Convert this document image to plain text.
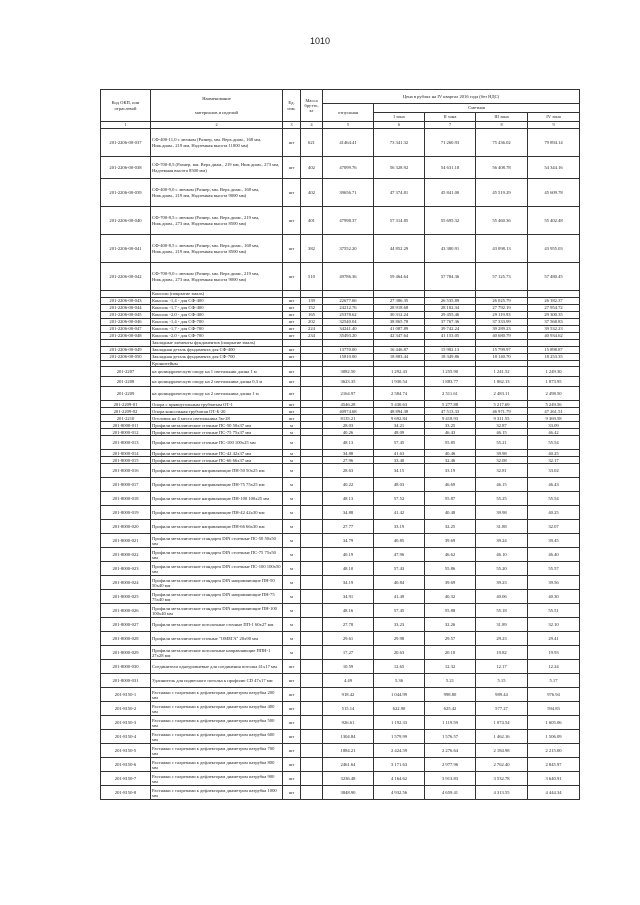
1010
Код ОКП, или отраслевой	Наименование
материалов и изделий	Ед. изм.	Масса брутто, кг	Цена в рублях на IV квартал 2016 года (без НДС)				
				отпускная	Сметная			
					I зона	II зона	III зона	IV зона
1	2	3	4	5	6	7	8	9
201-2206-00-037	СФ-400-11,0 с лючком (Разнер, мм. Верх.диам., 168 мм, Ниж.диам., 219 мм, Надземная высота 11000 мм)	шт	621	41464.41	73 341.32	71 260.93	75 436.02	79 894.14
201-2206-00-038	СФ-700-8,5 (Разнер, мм. Верх.диам., 219 мм, Ниж.диам., 273 мм, Надземная высота 8500 мм)	шт	402	47099.76	56 328.92	54 631.18	56 408.78	54 344.16
201-2206-00-039	СФ-400-9,0 с лючком (Разнер, мм. Верх.диам., 168 мм, Ниж.диам., 219 мм, Надземная высота 9000 мм)	шт	402	39656.71	47 374.81	45 841.00	45 519.29	45 609.78
201-2206-00-040	СФ-700-8,5 с лючком (Разнер, мм. Верх.диам., 219 мм, Ниж.диам., 273 мм, Надземная высота 8500 мм)	шт	401	47998.37	57 314.85	55 695.32	55 460.36	55 402.48
201-2206-00-041	СФ-400-8,5 с лючком (Разнер, мм. Верх.диам., 168 мм, Ниж.диам., 219 мм, Надземная высота 8500 мм)	шт	382	37552.20	44 852.29	43 380.91	43 098.13	43 955.03
201-2206-00-042	СФ-700-9,0 с лючком (Разнер, мм. Верх.диам., 219 мм, Ниж.диам., 273 мм, Надземная высота 9000 мм)	шт	510	49786.36	59 464.64	57 784.36	57 125.73	57 480.45
	Консоли (покрытие эмаль)							
201-2206-00-043	Консоль -1,4 - для СФ-400	шт	139	22677.66	27 386.35	26 535.89	26 025.79	26 182.37
201-2206-00-044	Консоль -1,7 - для СФ-400	шт	152	24212.76	28 918.68	28 102.34	27 792.19	27 954.72
201-2206-00-045	Консоль -2,0 - для СФ-400	шт	165	25378.62	30 312.24	29 455.46	29 119.93	29 300.35
201-2206-00-046	Консоль -1,4 - для СФ-700	шт	202	32540.04	38 865.78	37 767.36	37 333.99	37 568.83
201-2206-00-047	Консоль -1,7 - для СФ-700	шт	224	34241.40	41 087.89	39 742.24	39 289.23	39 532.23
201-2206-00-048	Консоль -2,0 - для СФ-700	шт	234	35493.20	42 347.64	41 153.05	40 680.79	40 934.62
	Закладные элементы фундаментов (покрытие эмаль)							
201-2206-00-049	Закладная деталь фундамента для СФ-400	шт		13770.00	16 446.87	15 982.13	15 799.97	15 898.87
201-2206-00-050	Закладная деталь фундамента для СФ-700	шт		15810.00	18 883.44	18 349.86	18 140.70	18 253.35
	Кронштейны							
201-2207	на цилиндрическую опору на 1 светильник длина 1 м	шт		3082.50	1 292.43	1 255.90	1 241.52	1 249.30
201-2208	на цилиндрическую опору на 2 светильника длина 0,3 м	шт		3623.35	1 930.54	1 883.77	1 862.13	1 873.95
201-2209	на цилиндрическую опору на 2 светильника длина 1 м	шт		2164.97	2 584.74	2 511.61	2 483.11	2 498.50
201-2209-01	Опора с прямоугольным трубчатым ОТ-1	шт		4546.28	5 430.63	5 277.88	5 217.69	5 249.56
201-2209-02	Опора консольная трубчатая ОТ-Б-20	шт		40974.68	48 894.38	47 513.33	46 971.79	47 261.51
201-2210	Оголовок на 4 места светильника 5м-28	шт		8135.21	9 692.84	9 418.93	9 311.55	9 369.58
201-8000-011	Профили металлические сточные ПС-50 50х37 мм	м		28.03	34.21	33.25	32.87	33.09
201-8000-012	Профили металлические сточные ПС-75 75х37 мм	м		40.26	48.09	46.43	46.15	46.42
201-8000-013	Профили металлические сточные ПС-100 100х25 мм	м		48.13	57.45	55.85	55.21	55.54
201-8000-014	Профили металлические сточные ПС-42 42х37 мм	м		34.88	41.63	40.46	39.98	40.25
201-8000-015	Профили металлические сточные ПС-66 66х37 мм	м		27.96	33.40	32.46	32.08	32.17
201-8000-016	Профили металлические направляющие ПН-50 50х25 мм	м		28.63	34.15	33.19	32.81	33.02
201-8000-017	Профили металлические направляющие ПН-75 75х25 мм	м		40.22	48.03	46.69	46.15	46.43
201-8000-018	Профили металлические направляющие ПН-100 100х25 мм	м		48.13	57.52	55.87	55.25	55.54
201-8000-019	Профили металлические направляющие ПН-42 42х30 мм	м		34.88	41.42	40.48	39.98	40.25
201-8000-020	Профили металлические направляющие ПН-66 66х30 мм	м		27.77	33.19	32.25	31.88	32.07
201-8000-021	Профили металлические стандарта DIN стоечные ПС-50 50х50 мм	м		34.79	40.85	39.69	39.24	39.45
201-8000-022	Профили металлические стандарта DIN стоечные ПС-75 75х50 мм	м		40.19	47.96	46.62	46.10	46.40
201-8000-023	Профили металлические стандарта DIN стоечные ПС-100 100х50 мм	м		48.10	57.43	55.86	55.20	55.57
201-8000-024	Профили металлические стандарта DIN направляющие ПН-50 50х40 мм	м		34.19	40.84	39.69	39.23	39.56
201-8000-025	Профили металлические стандарта DIN направляющие ПН-75 75х40 мм	м		34.91	41.49	40.32	40.06	40.30
201-8000-026	Профили металлические стандарта DIN направляющие ПН-100 100х40 мм	м		48.16	57.45	55.88	55.18	55.51
201-8000-027	Профили металлические потолочные сточные ПП-1 60х27 мм	м		27.78	33.23	32.26	31.89	32.10
201-8000-028	Профили металлические сточные "ОМЕГА" 20х90 мм	м		29.61	29.98	29.57	29.23	29.41
201-8000-029	Профили металлические потолочные направляющие ППН-1 27х28 мм	м		17.27	20.63	20.10	19.82	19.93
201-8000-030	Соединители одноуровневые для соединения потолка 41х17 мм	шт		10.59	12.65	12.32	12.17	12.24
201-8000-031	Удлинитель для подвесного потолка к профилю CD 47х17 мм	шт		4.49	5.36	5.21	5.15	5.17
201-8150-1	Растяжки с талрепами к дефлекторам диаметром патрубка 200 мм	шт		918.42	1 044.99	998.80	989.44	976.94
201-8150-2	Растяжки с талрепами к дефлекторам диаметром патрубка 400 мм	шт		515.14	622.90	625.42	577.27	594.83
201-8150-3	Растяжки с талрепами к дефлекторам диаметром патрубка 500 мм	шт		926.61	1 192.33	1 119.59	1 074.54	1 605.06
201-8150-4	Растяжки с талрепами к дефлекторам диаметром патрубка 600 мм	шт		1304.84	1 579.99	1 576.57	1 462.16	1 506.09
201-8150-5	Растяжки с талрепами к дефлекторам диаметром патрубка 700 мм	шт		1884.21	2 424.59	2 276.64	2 184.98	2 215.00
201-8150-6	Растяжки с талрепами к дефлекторам диаметром патрубка 800 мм	шт		2461.64	3 171.63	2 977.96	2 762.40	2 845.97
201-8150-7	Растяжки с талрепами к дефлекторам диаметром патрубка 900 мм	шт		3236.48	4 164.62	3 913.83	3 532.78	3 640.91
201-8150-8	Растяжки с талрепами к дефлекторам диаметром патрубка 1000 мм	шт		3848.90	4 932.56	4 659.41	4 313.55	4 444.34
